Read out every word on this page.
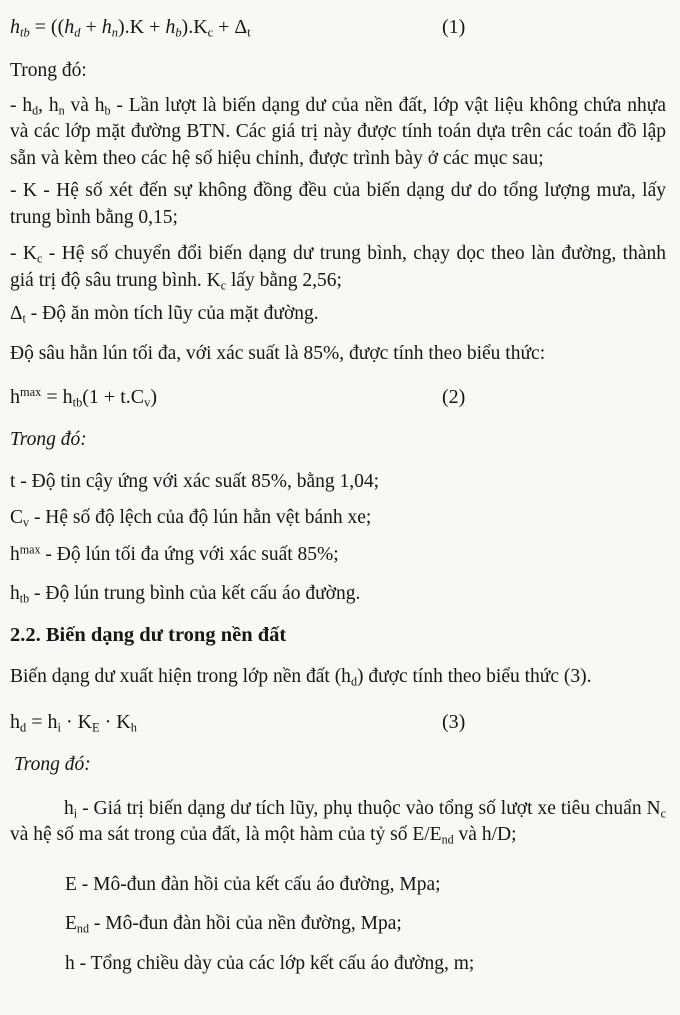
$h_{tb} = ((h_d + h_n).K + h_b).K_c + \Delta_t$	(1)

Trong đó:

- $h_d$, $h_n$ và $h_b$ - Lần lượt là biến dạng dư của nền đất, lớp vật liệu không chứa nhựa và các lớp mặt đường BTN. Các giá trị này được tính toán dựa trên các toán đồ lập sẵn và kèm theo các hệ số hiệu chỉnh, được trình bày ở các mục sau;

- K - Hệ số xét đến sự không đồng đều của biến dạng dư do tổng lượng mưa, lấy trung bình bằng 0,15;

- $K_c$ - Hệ số chuyển đổi biến dạng dư trung bình, chạy dọc theo làn đường, thành giá trị độ sâu trung bình. $K_c$ lấy bằng 2,56;

$\Delta_t$ - Độ ăn mòn tích lũy của mặt đường.

Độ sâu hằn lún tối đa, với xác suất là 85%, được tính theo biểu thức:

$h^{max} = h_{tb}(1 + t.C_v)$	(2)

Trong đó:

t - Độ tin cậy ứng với xác suất 85%, bằng 1,04;

$C_v$ - Hệ số độ lệch của độ lún hằn vệt bánh xe;

$h^{max}$ - Độ lún tối đa ứng với xác suất 85%;

$h_{tb}$ - Độ lún trung bình của kết cấu áo đường.

2.2. Biến dạng dư trong nền đất

Biến dạng dư xuất hiện trong lớp nền đất $(h_d)$ được tính theo biểu thức (3).

$h_d = h_i \cdot K_E \cdot K_h$	(3)

Trong đó:

$h_i$ - Giá trị biến dạng dư tích lũy, phụ thuộc vào tổng số lượt xe tiêu chuẩn $N_c$ và hệ số ma sát trong của đất, là một hàm của tỷ số $E/E_{nd}$ và h/D;

E - Mô-đun đàn hồi của kết cấu áo đường, Mpa;

$E_{nd}$ - Mô-đun đàn hồi của nền đường, Mpa;

h - Tổng chiều dày của các lớp kết cấu áo đường, m;
